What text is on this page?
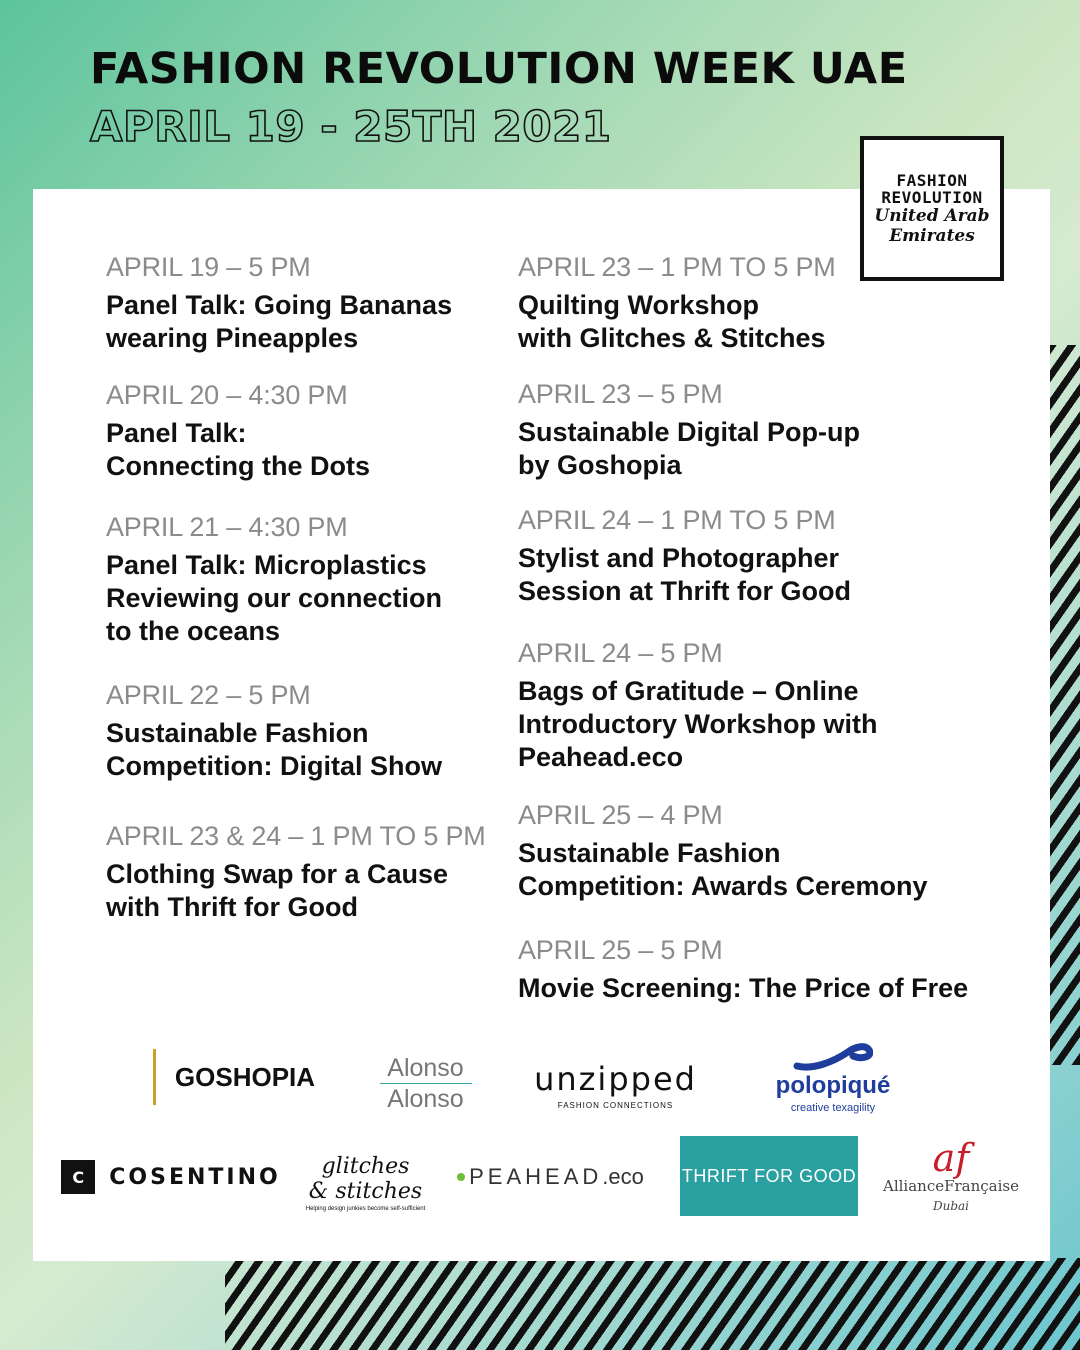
FASHION REVOLUTION WEEK UAE
APRIL 19 - 25TH 2021
APRIL 19 – 5 PM
Panel Talk: Going Bananas
wearing Pineapples
APRIL 20 – 4:30 PM
Panel Talk:
Connecting the Dots
APRIL 21 – 4:30 PM
Panel Talk: Microplastics
Reviewing our connection
to the oceans
APRIL 22 – 5 PM
Sustainable Fashion
Competition: Digital Show
APRIL 23 & 24 – 1 PM TO 5 PM
Clothing Swap for a Cause
with Thrift for Good
APRIL 23 – 1 PM TO 5 PM
Quilting Workshop
with Glitches & Stitches
APRIL 23 – 5 PM
Sustainable Digital Pop-up
by Goshopia
APRIL 24 – 1 PM TO 5 PM
Stylist and Photographer
Session at Thrift for Good
APRIL 24 – 5 PM
Bags of Gratitude – Online
Introductory Workshop with
Peahead.eco
APRIL 25 – 4 PM
Sustainable Fashion
Competition: Awards Ceremony
APRIL 25 – 5 PM
Movie Screening: The Price of Free
GOSHOPIA	Alonso
Alonso
unzipped
FASHION CONNECTIONS
polopiqué
creative texagility
C COSENTINO glitches
& stitches
Helping design junkies become self-sufficient
PEAHEAD .eco THRIFT FOR GOOD af
AllianceFrançaise
Dubai
FASHION
REVOLUTION
United Arab
Emirates
